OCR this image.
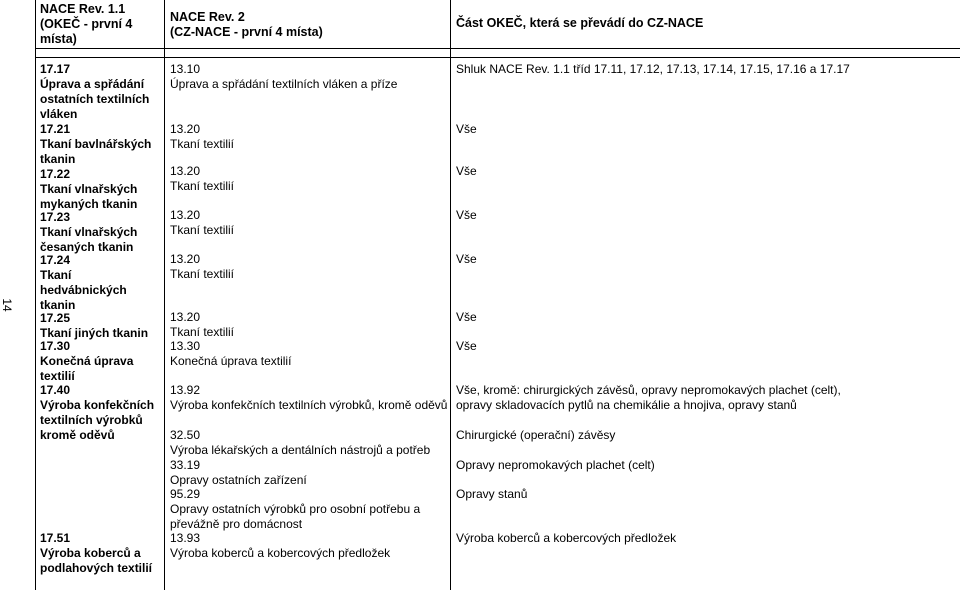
14
NACE Rev. 1.1 (OKEČ - první 4 místa)
NACE Rev. 2
(CZ-NACE - první 4 místa)
Část OKEČ, která se převádí do CZ-NACE
17.17
Úprava a spřádání ostatních textilních vláken
17.21
Tkaní bavlnářských tkanin
17.22
Tkaní vlnařských mykaných tkanin
17.23
Tkaní vlnařských česaných tkanin
17.24
Tkaní hedvábnických tkanin
17.25
Tkaní jiných tkanin
17.30
Konečná úprava textilií
17.40
Výroba konfekčních textilních výrobků kromě oděvů
17.51
Výroba koberců a podlahových textilií
13.10
Úprava a spřádání textilních vláken a příze
13.20
Tkaní textilií
13.20
Tkaní textilií
13.20
Tkaní textilií
13.20
Tkaní textilií
13.20
Tkaní textilií
13.30
Konečná úprava textilií
13.92
Výroba konfekčních textilních výrobků, kromě oděvů
32.50
Výroba lékařských a dentálních nástrojů a potřeb
33.19
Opravy ostatních zařízení
95.29
Opravy ostatních výrobků pro osobní potřebu a převážně pro domácnost
13.93
Výroba koberců a kobercových předložek
Shluk NACE Rev. 1.1 tříd 17.11, 17.12, 17.13, 17.14, 17.15, 17.16 a 17.17
Vše
Vše
Vše
Vše
Vše
Vše
Vše, kromě: chirurgických závěsů, opravy nepromokavých plachet (celt), opravy skladovacích pytlů na chemikálie a hnojiva, opravy stanů
Chirurgické (operační) závěsy
Opravy nepromokavých plachet (celt)
Opravy stanů
Výroba koberců a kobercových předložek
